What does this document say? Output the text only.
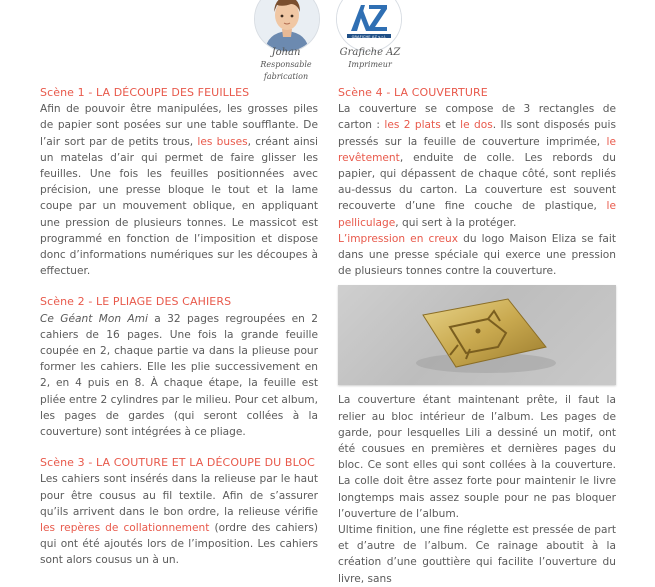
GRAFICHE AZ s.r.l.
Johan
Responsable
fabrication
Grafiche AZ
Imprimeur
Scène 1 - LA DÉCOUPE DES FEUILLES

Afin de pouvoir être manipulées, les grosses piles de papier sont posées sur une table soufflante. De l’air sort par de petits trous, les buses, créant ainsi un matelas d’air qui permet de faire glisser les feuilles. Une fois les feuilles positionnées avec précision, une presse bloque le tout et la lame coupe par un mouvement oblique, en appliquant une pression de plusieurs tonnes. Le massicot est programmé en fonction de l’imposition et dispose donc d’informations numériques sur les découpes à effectuer.

Scène 2 - LE PLIAGE DES CAHIERS

Ce Géant Mon Ami a 32 pages regroupées en 2 cahiers de 16 pages. Une fois la grande feuille coupée en 2, chaque partie va dans la plieuse pour former les cahiers. Elle les plie successivement en 2, en 4 puis en 8. À chaque étape, la feuille est pliée entre 2 cylindres par le milieu. Pour cet album, les pages de gardes (qui seront collées à la couverture) sont intégrées à ce pliage.

Scène 3 - LA COUTURE ET LA DÉCOUPE DU BLOC

Les cahiers sont insérés dans la relieuse par le haut pour être cousus au fil textile. Afin de s’assurer qu’ils arrivent dans le bon ordre, la relieuse vérifie les repères de collationnement (ordre des cahiers) qui ont été ajoutés lors de l’imposition. Les cahiers sont alors cousus un à un.

Scène 4 - LA COUVERTURE

La couverture se compose de 3 rectangles de carton : les 2 plats et le dos. Ils sont disposés puis pressés sur la feuille de couverture imprimée, le revêtement, enduite de colle. Les rebords du papier, qui dépassent de chaque côté, sont repliés au-dessus du carton. La couverture est souvent recouverte d’une fine couche de plastique, le pelliculage, qui sert à la protéger.

L’impression en creux du logo Maison Eliza se fait dans une presse spéciale qui exerce une pression de plusieurs tonnes contre la couverture.

La couverture étant maintenant prête, il faut la relier au bloc intérieur de l’album. Les pages de garde, pour lesquelles Lili a dessiné un motif, ont été cousues en premières et dernières pages du bloc. Ce sont elles qui sont collées à la couverture. La colle doit être assez forte pour maintenir le livre longtemps mais assez souple pour ne pas bloquer l’ouverture de l’album.

Ultime finition, une fine réglette est pressée de part et d’autre de l’album. Ce rainage aboutit à la création d’une gouttière qui facilite l’ouverture du livre, sans
